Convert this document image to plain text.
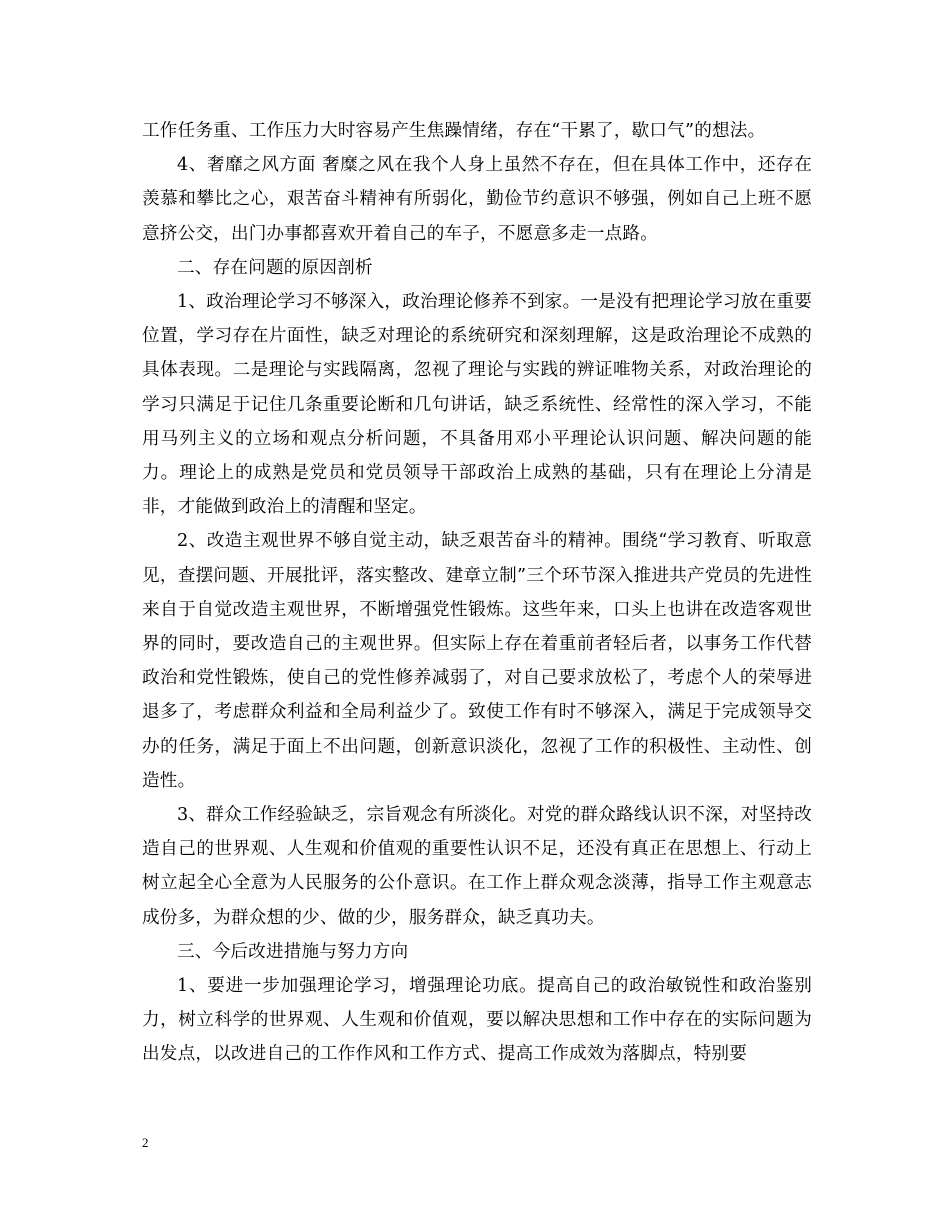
工作任务重、工作压力大时容易产生焦躁情绪，存在“干累了，歇口气”的想法。

4、奢靡之风方面 奢糜之风在我个人身上虽然不存在，但在具体工作中，还存在羡慕和攀比之心，艰苦奋斗精神有所弱化，勤俭节约意识不够强，例如自己上班不愿意挤公交，出门办事都喜欢开着自己的车子，不愿意多走一点路。

二、存在问题的原因剖析

1、政治理论学习不够深入，政治理论修养不到家。一是没有把理论学习放在重要位置，学习存在片面性，缺乏对理论的系统研究和深刻理解，这是政治理论不成熟的具体表现。二是理论与实践隔离，忽视了理论与实践的辨证唯物关系，对政治理论的学习只满足于记住几条重要论断和几句讲话，缺乏系统性、经常性的深入学习，不能用马列主义的立场和观点分析问题，不具备用邓小平理论认识问题、解决问题的能力。理论上的成熟是党员和党员领导干部政治上成熟的基础，只有在理论上分清是非，才能做到政治上的清醒和坚定。

2、改造主观世界不够自觉主动，缺乏艰苦奋斗的精神。围绕“学习教育、听取意见，查摆问题、开展批评，落实整改、建章立制”三个环节深入推进共产党员的先进性来自于自觉改造主观世界，不断增强党性锻炼。这些年来，口头上也讲在改造客观世界的同时，要改造自己的主观世界。但实际上存在着重前者轻后者，以事务工作代替政治和党性锻炼，使自己的党性修养减弱了，对自己要求放松了，考虑个人的荣辱进退多了，考虑群众利益和全局利益少了。致使工作有时不够深入，满足于完成领导交办的任务，满足于面上不出问题，创新意识淡化，忽视了工作的积极性、主动性、创造性。

3、群众工作经验缺乏，宗旨观念有所淡化。对党的群众路线认识不深，对坚持改造自己的世界观、人生观和价值观的重要性认识不足，还没有真正在思想上、行动上树立起全心全意为人民服务的公仆意识。在工作上群众观念淡薄，指导工作主观意志成份多，为群众想的少、做的少，服务群众，缺乏真功夫。

三、今后改进措施与努力方向

1、要进一步加强理论学习，增强理论功底。提高自己的政治敏锐性和政治鉴别力，树立科学的世界观、人生观和价值观，要以解决思想和工作中存在的实际问题为出发点，以改进自己的工作作风和工作方式、提高工作成效为落脚点，特别要

2
